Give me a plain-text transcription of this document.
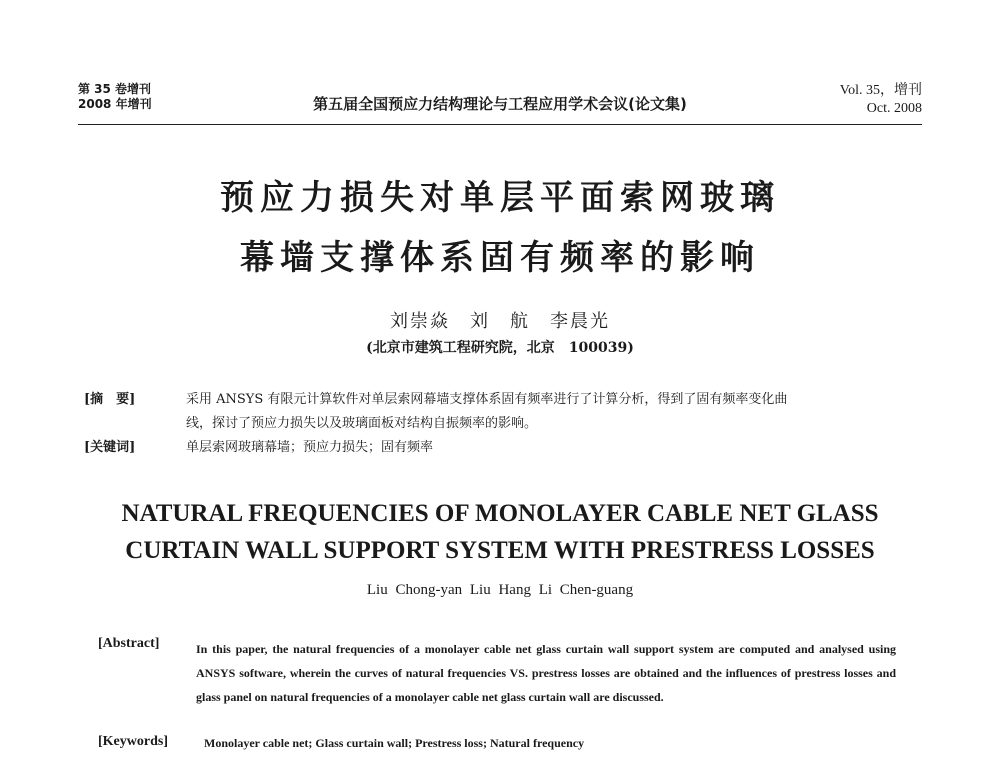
第 35 卷增刊
2008 年增刊	第五届全国预应力结构理论与工程应用学术会议(论文集)
Vol. 35，增刊
Oct. 2008
预应力损失对单层平面索网玻璃
幕墙支撑体系固有频率的影响
刘崇焱　刘　航　李晨光
(北京市建筑工程研究院，北京　100039)
[摘　要]	采用 ANSYS 有限元计算软件对单层索网幕墙支撑体系固有频率进行了计算分析，得到了固有频率变化曲
线，探讨了预应力损失以及玻璃面板对结构自振频率的影响。
[关键词]	单层索网玻璃幕墙；预应力损失；固有频率
NATURAL FREQUENCIES OF MONOLAYER CABLE NET GLASS
CURTAIN WALL SUPPORT SYSTEM WITH PRESTRESS LOSSES
Liu Chong-yan Liu Hang Li Chen-guang
[Abstract]	In this paper, the natural frequencies of a monolayer cable net glass curtain wall support system are computed and analysed using ANSYS software, wherein the curves of natural frequencies VS. prestress losses are obtained and the influences of prestress losses and glass panel on natural frequencies of a monolayer cable net glass curtain wall are discussed.
[Keywords]	Monolayer cable net; Glass curtain wall; Prestress loss; Natural frequency
